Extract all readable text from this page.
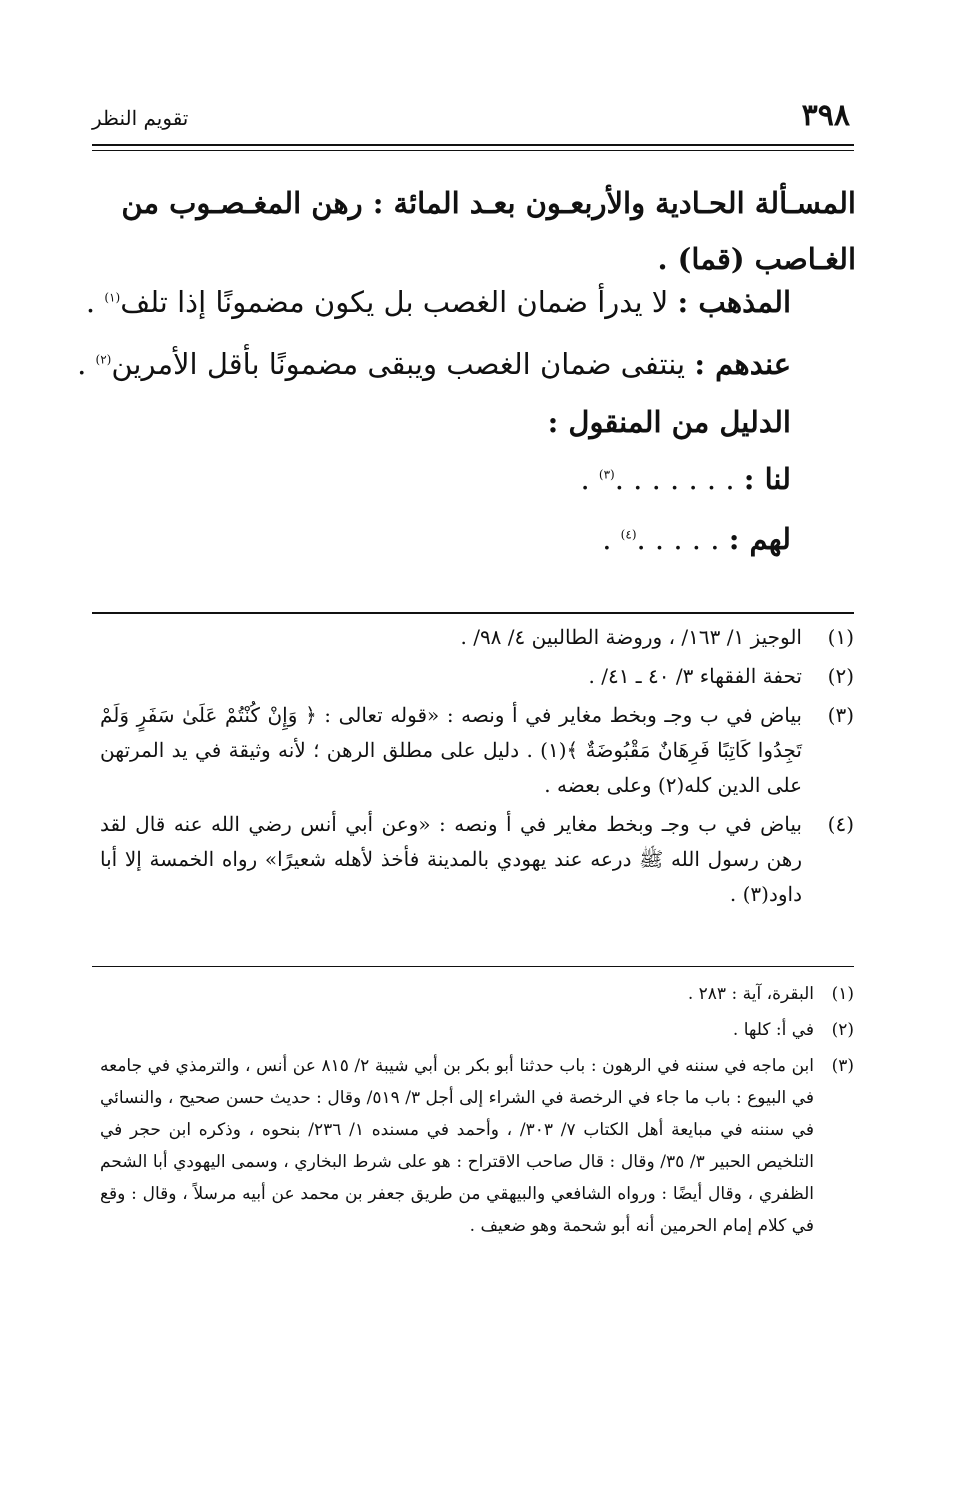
٣٩٨
تقويم النظر
المسـألة الحـادية والأربعـون بعـد المائة : رهن المغـصـوب من الغـاصب (قما) .
المذهب : لا يدرأ ضمان الغصب بل يكون مضمونًا إذا تلف$^{(١)}$ .
عندهم : ينتفى ضمان الغصب ويبقى مضمونًا بأقل الأمرين$^{(٢)}$ .
الدليل من المنقول :
لنا : . . . . . . .$^{(٣)}$ .
لهم : . . . . .$^{(٤)}$ .
(١)
الوجيز ١/ ١٦٣/ ، وروضة الطالبين ٤/ ٩٨/ .
(٢)
تحفة الفقهاء ٣/ ٤٠ ـ ٤١/ .
(٣)
بياض في ب وجـ وبخط مغاير في أ ونصه : «قوله تعالى : ﴿ وَإِنْ كُنْتُمْ عَلَىٰ سَفَرٍ وَلَمْ تَجِدُوا كَاتِبًا فَرِهَانٌ مَقْبُوضَةٌ ﴾(١) . دليل على مطلق الرهن ؛ لأنه وثيقة في يد المرتهن على الدين كله(٢) وعلى بعضه .
(٤)
بياض في ب وجـ وبخط مغاير في أ ونصه : «وعن أبي أنس رضي الله عنه قال لقد رهن رسول الله ﷺ درعه عند يهودي بالمدينة فأخذ لأهله شعيرًا» رواه الخمسة إلا أبا داود(٣) .
(١)
البقرة، آية : ٢٨٣ .
(٢)
في أ: كلها .
(٣)
ابن ماجه في سننه في الرهون : باب حدثنا أبو بكر بن أبي شيبة ٢/ ٨١٥ عن أنس ، والترمذي في جامعه في البيوع : باب ما جاء في الرخصة في الشراء إلى أجل ٣/ ٥١٩/ وقال : حديث حسن صحيح ، والنسائي في سننه في مبايعة أهل الكتاب ٧/ ٣٠٣/ ، وأحمد في مسنده ١/ ٢٣٦/ بنحوه ، وذكره ابن حجر في التلخيص الحبير ٣/ ٣٥/ وقال : قال صاحب الاقتراح : هو على شرط البخاري ، وسمى اليهودي أبا الشحم الظفري ، وقال أيضًا : ورواه الشافعي والبيهقي من طريق جعفر بن محمد عن أبيه مرسلاً ، وقال : وقع في كلام إمام الحرمين أنه أبو شحمة وهو ضعيف .
